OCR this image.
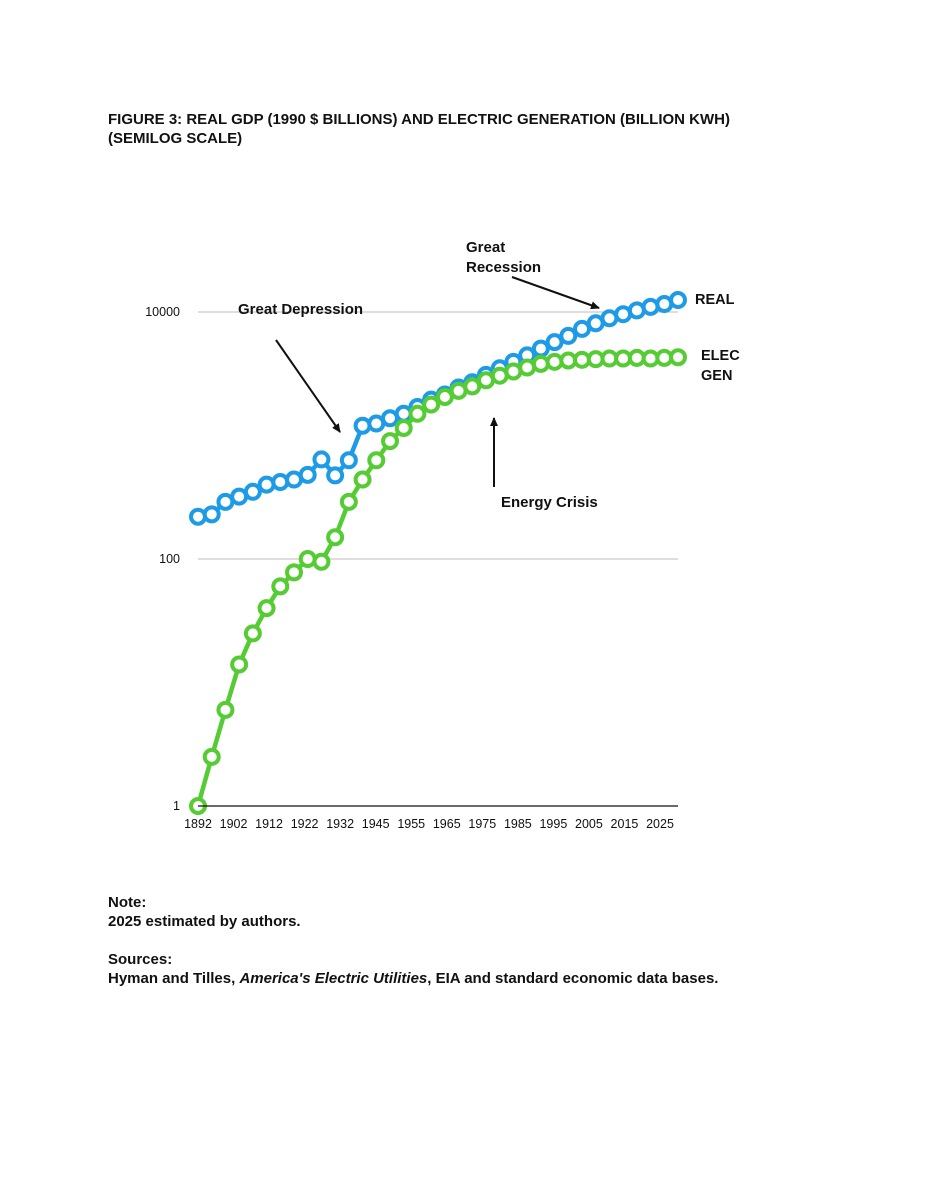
FIGURE 3: REAL GDP (1990 $ BILLIONS) AND ELECTRIC GENERATION (BILLION KWH)
(SEMILOG SCALE)
Great Depression
Great
Recession
Energy Crisis
REAL
ELEC
GEN
1
100
10000
1892 1902 1912 1922 1932 1945 1955 1965 1975 1985 1995 2005 2015 2025

Note:

2025 estimated by authors.

Sources:

Hyman and Tilles, America's Electric Utilities, EIA and standard economic data bases.
